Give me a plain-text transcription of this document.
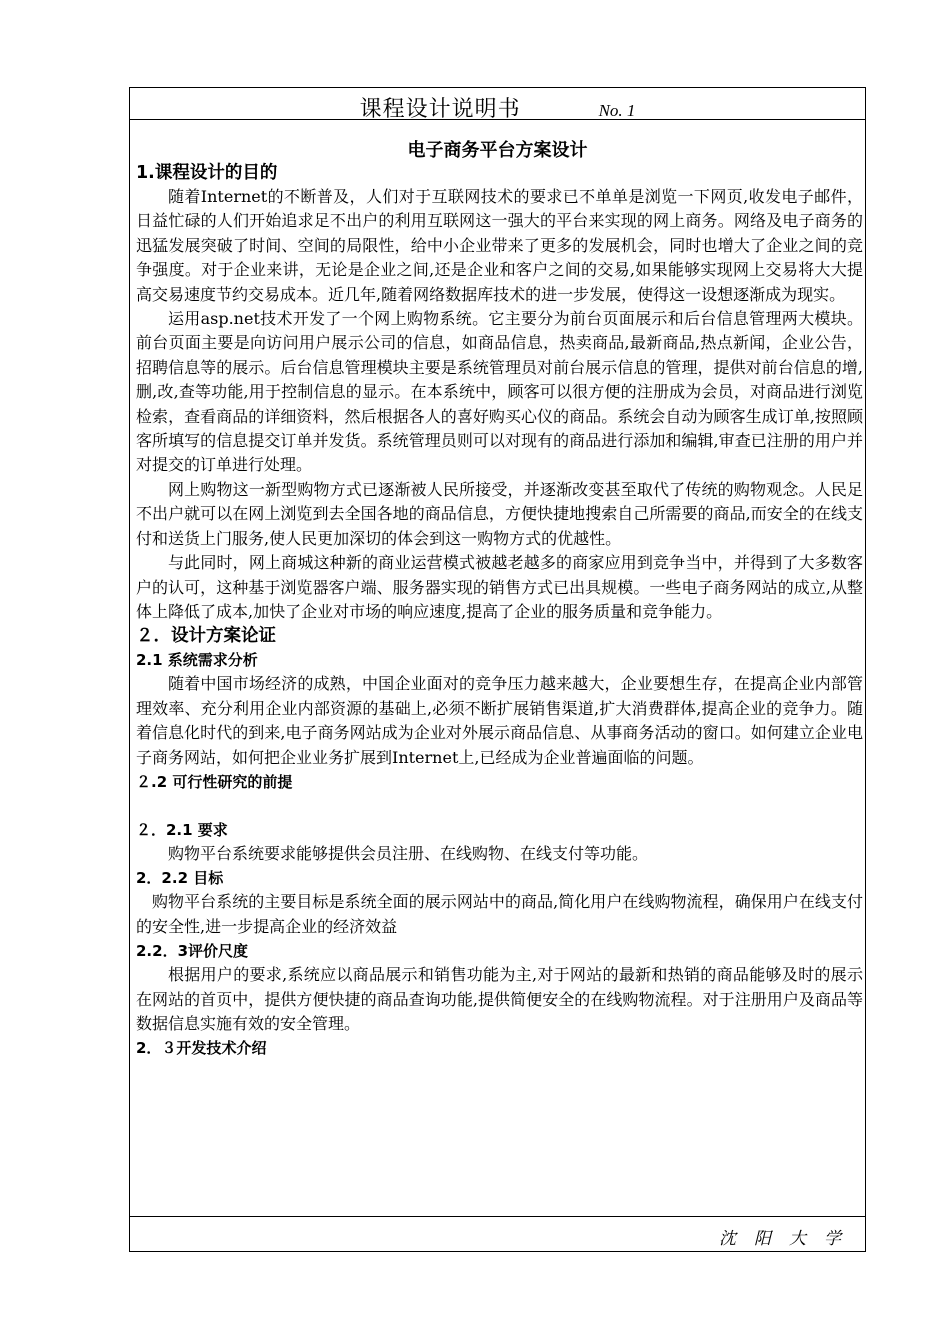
课程设计说明书	No. 1
电子商务平台方案设计
1.课程设计的目的

随着Internet的不断普及，人们对于互联网技术的要求已不单单是浏览一下网页,收发电子邮件，日益忙碌的人们开始追求足不出户的利用互联网这一强大的平台来实现的网上商务。网络及电子商务的迅猛发展突破了时间、空间的局限性，给中小企业带来了更多的发展机会，同时也增大了企业之间的竞争强度。对于企业来讲，无论是企业之间,还是企业和客户之间的交易,如果能够实现网上交易将大大提高交易速度节约交易成本。近几年,随着网络数据库技术的进一步发展，使得这一设想逐渐成为现实。

运用asp.net技术开发了一个网上购物系统。它主要分为前台页面展示和后台信息管理两大模块。前台页面主要是向访问用户展示公司的信息，如商品信息，热卖商品,最新商品,热点新闻，企业公告，招聘信息等的展示。后台信息管理模块主要是系统管理员对前台展示信息的管理，提供对前台信息的增,删,改,查等功能,用于控制信息的显示。在本系统中，顾客可以很方便的注册成为会员，对商品进行浏览检索，查看商品的详细资料，然后根据各人的喜好购买心仪的商品。系统会自动为顾客生成订单,按照顾客所填写的信息提交订单并发货。系统管理员则可以对现有的商品进行添加和编辑,审查已注册的用户并对提交的订单进行处理。

网上购物这一新型购物方式已逐渐被人民所接受，并逐渐改变甚至取代了传统的购物观念。人民足不出户就可以在网上浏览到去全国各地的商品信息，方便快捷地搜索自己所需要的商品,而安全的在线支付和送货上门服务,使人民更加深切的体会到这一购物方式的优越性。

与此同时，网上商城这种新的商业运营模式被越老越多的商家应用到竞争当中，并得到了大多数客户的认可，这种基于浏览器客户端、服务器实现的销售方式已出具规模。一些电子商务网站的成立,从整体上降低了成本,加快了企业对市场的响应速度,提高了企业的服务质量和竞争能力。

２．设计方案论证
2.1 系统需求分析

随着中国市场经济的成熟，中国企业面对的竞争压力越来越大，企业要想生存，在提高企业内部管理效率、充分利用企业内部资源的基础上,必须不断扩展销售渠道,扩大消费群体,提高企业的竞争力。随着信息化时代的到来,电子商务网站成为企业对外展示商品信息、从事商务活动的窗口。如何建立企业电子商务网站，如何把企业业务扩展到Internet上,已经成为企业普遍面临的问题。

２.2 可行性研究的前提
２．2.1 要求

购物平台系统要求能够提供会员注册、在线购物、在线支付等功能。

2．2.2 目标

购物平台系统的主要目标是系统全面的展示网站中的商品,简化用户在线购物流程，确保用户在线支付的安全性,进一步提高企业的经济效益

2.2．3评价尺度

根据用户的要求,系统应以商品展示和销售功能为主,对于网站的最新和热销的商品能够及时的展示在网站的首页中，提供方便快捷的商品查询功能,提供简便安全的在线购物流程。对于注册用户及商品等数据信息实施有效的安全管理。

2．３开发技术介绍
沈阳大学
